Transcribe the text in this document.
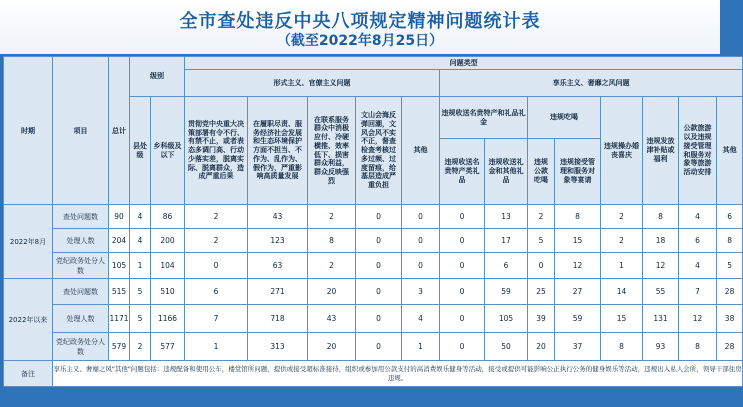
全市查处违反中央八项规定精神问题统计表
（截至2022年8月25日）
时期	项目	总计	级别		问题类型												
					形式主义、官僚主义问题					享乐主义、奢靡之风问题							
			县处级	乡科级及以下	贯彻党中央重大决策部署有令不行、有禁不止，或者表态多调门高、行动少落实差，脱离实际、脱离群众，造成严重后果	在履职尽责、服务经济社会发展和生态环境保护方面不担当、不作为、乱作为、假作为，严重影响高质量发展	在联系服务群众中消极应付、冷硬横推、效率低下、损害群众利益，群众反映强烈	文山会海反弹回潮，文风会风不实不正，督查检查考核过多过频、过度留痕，给基层造成严重负担	其他	违规收送名贵特产和礼品礼金		违规吃喝		违规操办婚丧喜庆	违规发放津补贴或福利	公款旅游以及违规接受管理和服务对象等旅游活动安排	其他
										违规收送名贵特产类礼品	违规收送礼金和其他礼品	违规公款吃喝	违规接受管理和服务对象等宴请				
2022年8月	查处问题数	90	4	86	2	43	2	0	0	0	13	2	8	2	8	4	6
	处理人数	204	4	200	2	123	8	0	0	0	17	5	15	2	18	6	8
	党纪政务处分人数	105	1	104	0	63	2	0	0	0	6	0	12	1	12	4	5
2022年以来	查处问题数	515	5	510	6	271	20	0	3	0	59	25	27	14	55	7	28
	处理人数	1171	5	1166	7	718	43	0	4	0	105	39	59	15	131	12	38
	党纪政务处分人数	579	2	577	1	313	20	0	1	0	50	20	37	8	93	8	28
备注	享乐主义、奢靡之风"其他"问题包括：违规配备和使用公车，楼堂馆所问题，提供或接受超标准接待，组织或参加用公款支付的高消费娱乐健身等活动，接受或提供可能影响公正执行公务的健身娱乐等活动，违规出入私人会所，领导干部住房违规。																
